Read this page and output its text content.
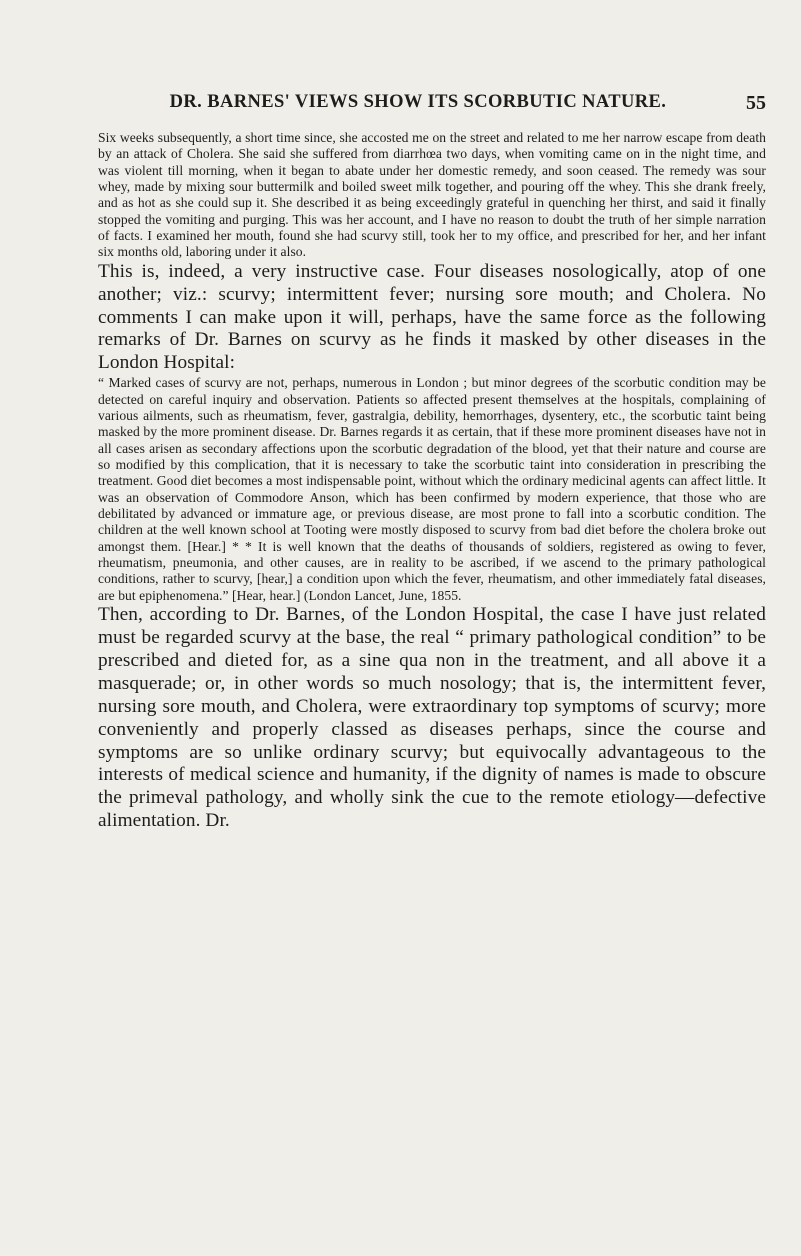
DR. BARNES' VIEWS SHOW ITS SCORBUTIC NATURE.	55

Six weeks subsequently, a short time since, she accosted me on the street and related to me her narrow escape from death by an attack of Cholera. She said she suffered from diarrhœa two days, when vomiting came on in the night time, and was violent till morning, when it began to abate under her domestic remedy, and soon ceased. The remedy was sour whey, made by mixing sour buttermilk and boiled sweet milk together, and pouring off the whey. This she drank freely, and as hot as she could sup it. She described it as being exceedingly grateful in quenching her thirst, and said it finally stopped the vomiting and purging. This was her account, and I have no reason to doubt the truth of her simple narration of facts. I examined her mouth, found she had scurvy still, took her to my office, and prescribed for her, and her infant six months old, laboring under it also.

This is, indeed, a very instructive case. Four diseases nosologically, atop of one another; viz.: scurvy; intermittent fever; nursing sore mouth; and Cholera. No comments I can make upon it will, perhaps, have the same force as the following remarks of Dr. Barnes on scurvy as he finds it masked by other diseases in the London Hospital:

“ Marked cases of scurvy are not, perhaps, numerous in London ; but minor degrees of the scorbutic condition may be detected on careful inquiry and observation. Patients so affected present themselves at the hospitals, complaining of various ailments, such as rheumatism, fever, gastralgia, debility, hemorrhages, dysentery, etc., the scorbutic taint being masked by the more prominent disease. Dr. Barnes regards it as certain, that if these more prominent diseases have not in all cases arisen as secondary affections upon the scorbutic degradation of the blood, yet that their nature and course are so modified by this complication, that it is necessary to take the scorbutic taint into consideration in prescribing the treatment. Good diet becomes a most indispensable point, without which the ordinary medicinal agents can affect little. It was an observation of Commodore Anson, which has been confirmed by modern experience, that those who are debilitated by advanced or immature age, or previous disease, are most prone to fall into a scorbutic condition. The children at the well known school at Tooting were mostly disposed to scurvy from bad diet before the cholera broke out amongst them. [Hear.] * * It is well known that the deaths of thousands of soldiers, registered as owing to fever, rheumatism, pneumonia, and other causes, are in reality to be ascribed, if we ascend to the primary pathological conditions, rather to scurvy, [hear,] a condition upon which the fever, rheumatism, and other immediately fatal diseases, are but epiphenomena.” [Hear, hear.] (London Lancet, June, 1855.

Then, according to Dr. Barnes, of the London Hospital, the case I have just related must be regarded scurvy at the base, the real “ primary pathological condition” to be prescribed and dieted for, as a sine qua non in the treatment, and all above it a masquerade; or, in other words so much nosology; that is, the intermittent fever, nursing sore mouth, and Cholera, were extraordinary top symptoms of scurvy; more conveniently and properly classed as diseases perhaps, since the course and symptoms are so unlike ordinary scurvy; but equivocally advantageous to the interests of medical science and humanity, if the dignity of names is made to obscure the primeval pathology, and wholly sink the cue to the remote etiology—defective alimentation. Dr.
